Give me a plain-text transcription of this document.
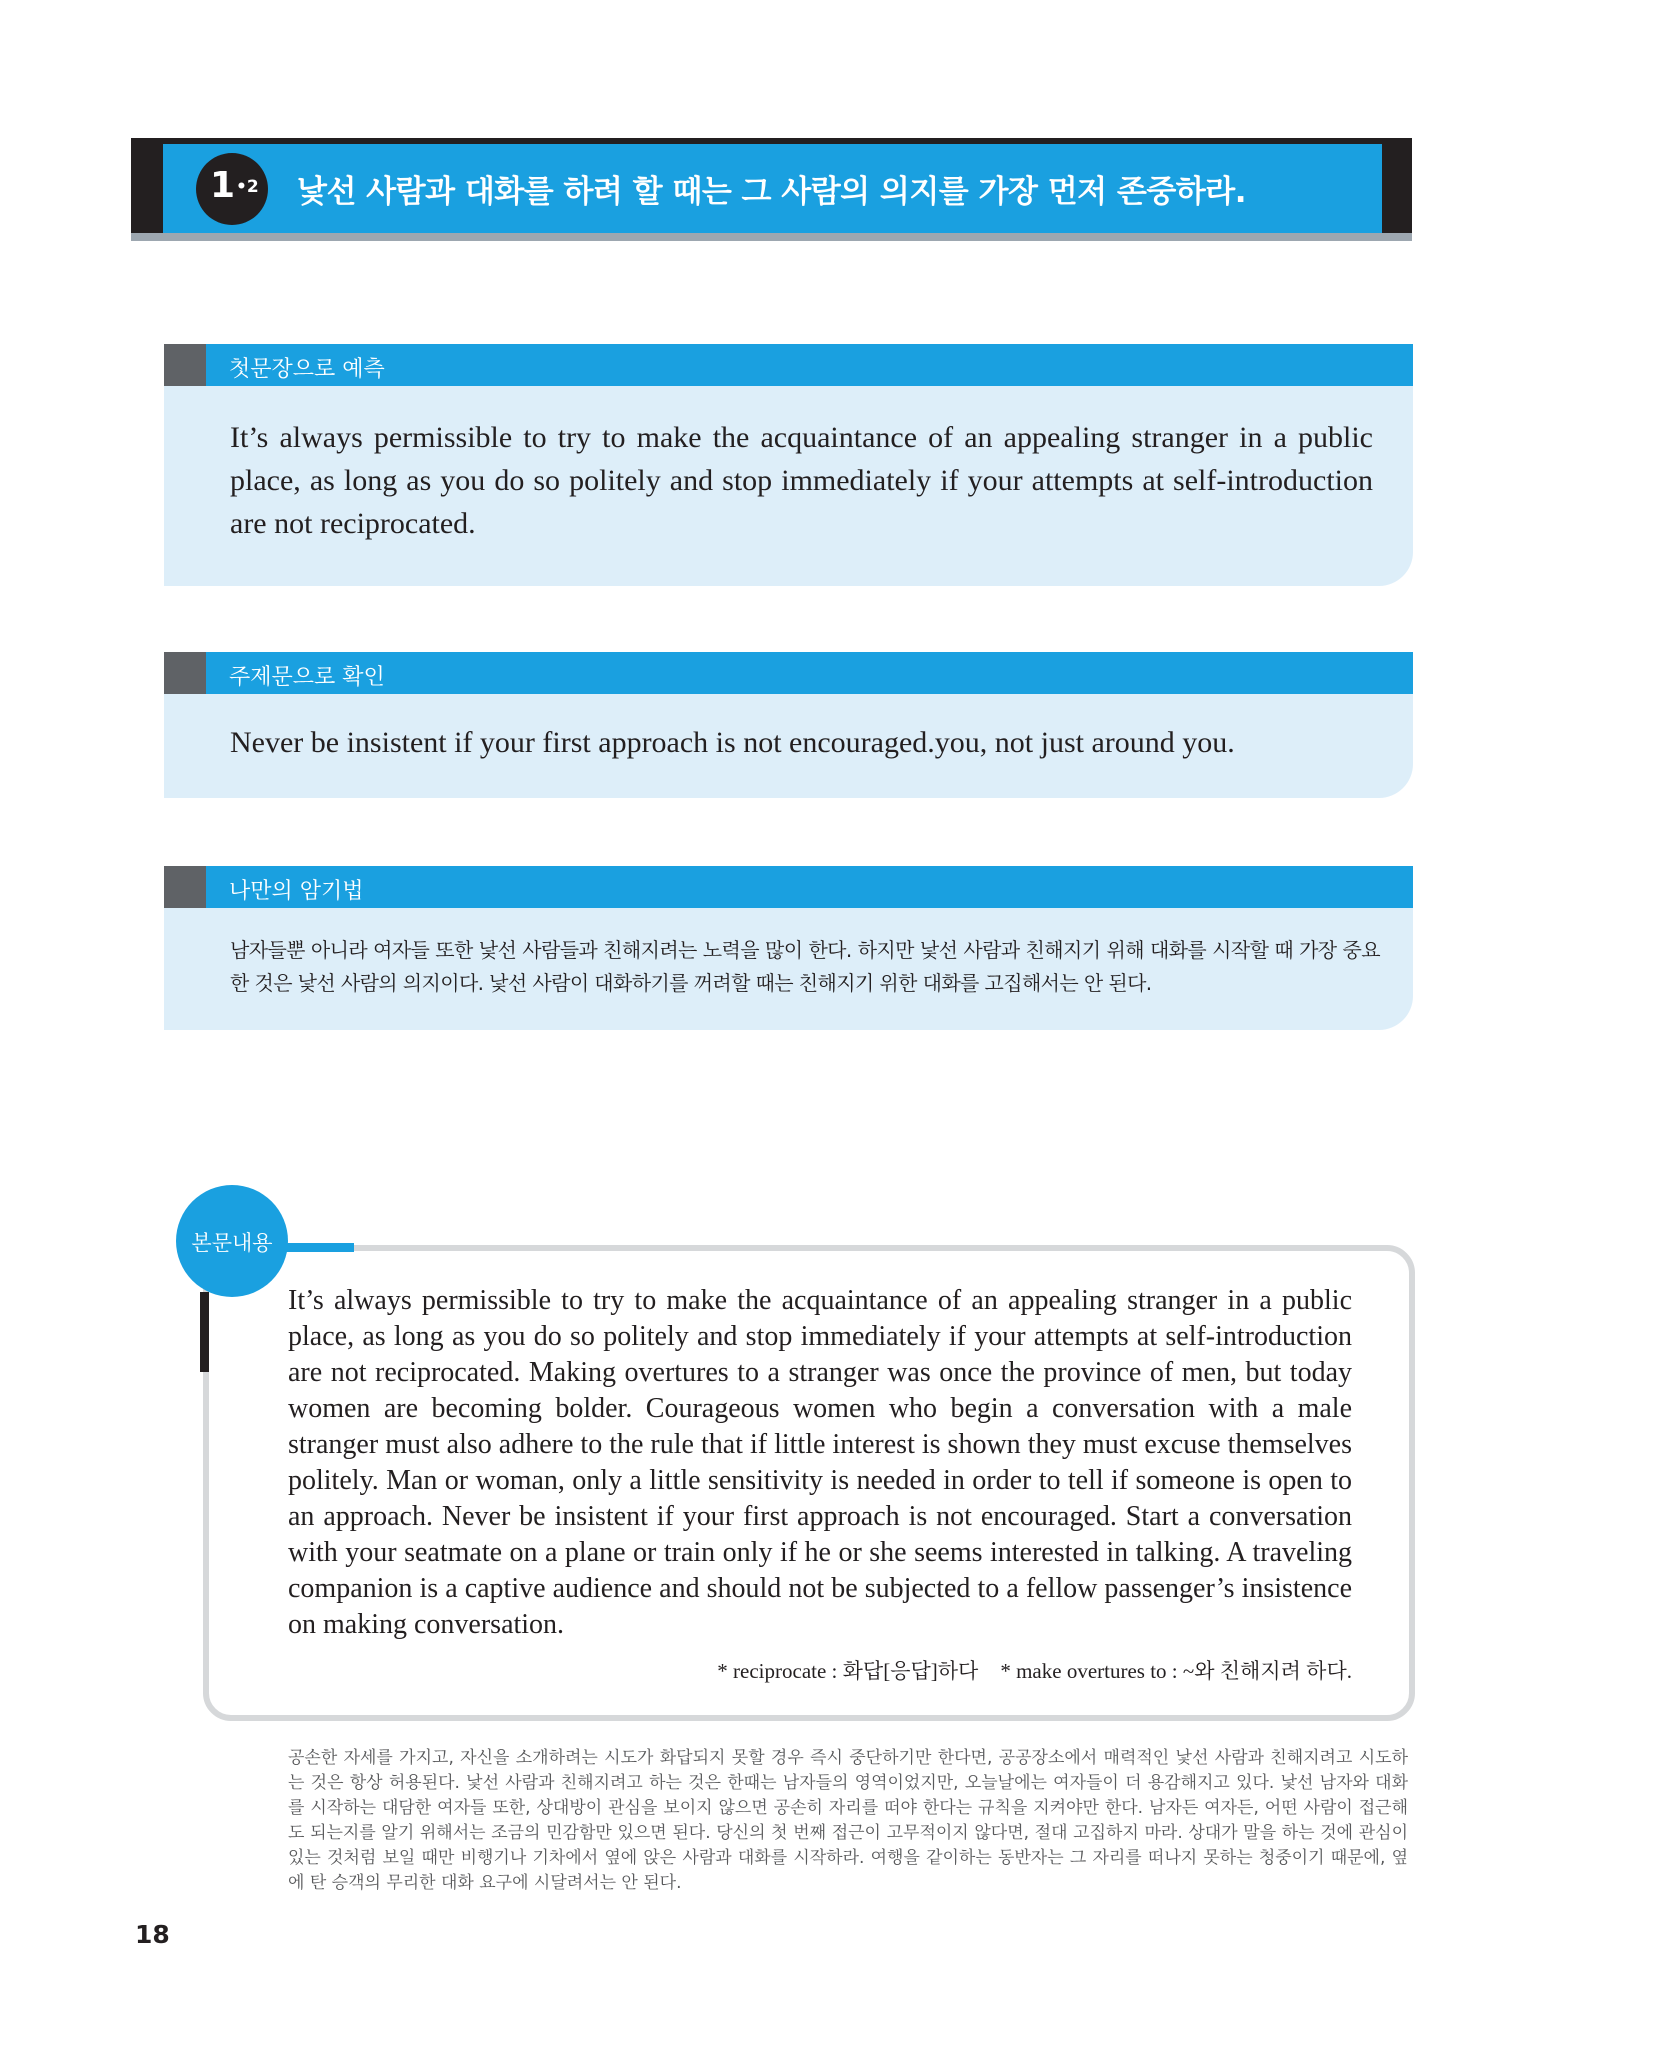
1 •2 낯선 사람과 대화를 하려 할 때는 그 사람의 의지를 가장 먼저 존중하라.
첫문장으로 예측
It’s always permissible to try to make the acquaintance of an appealing stranger in a public place, as long as you do so politely and stop immediately if your attempts at self-introduction are not reciprocated.
주제문으로 확인
Never be insistent if your first approach is not encouraged.you, not just around you.
나만의 암기법
남자들뿐 아니라 여자들 또한 낯선 사람들과 친해지려는 노력을 많이 한다. 하지만 낯선 사람과 친해지기 위해 대화를 시작할 때 가장 중요한 것은 낯선 사람의 의지이다. 낯선 사람이 대화하기를 꺼려할 때는 친해지기 위한 대화를 고집해서는 안 된다.
본문내용

It’s always permissible to try to make the acquaintance of an appealing stranger in a public place, as long as you do so politely and stop immediately if your attempts at self-introduction are not reciprocated. Making overtures to a stranger was once the province of men, but today women are becoming bolder. Courageous women who begin a conversation with a male stranger must also adhere to the rule that if little interest is shown they must excuse themselves politely. Man or woman, only a little sensitivity is needed in order to tell if someone is open to an approach. Never be insistent if your first approach is not encouraged. Start a conversation with your seatmate on a plane or train only if he or she seems interested in talking. A traveling companion is a captive audience and should not be subjected to a fellow passenger’s insistence on making conversation.

* reciprocate : 화답[응답]하다 * make overtures to : ~와 친해지려 하다.
공손한 자세를 가지고, 자신을 소개하려는 시도가 화답되지 못할 경우 즉시 중단하기만 한다면, 공공장소에서 매력적인 낯선 사람과 친해지려고 시도하는 것은 항상 허용된다. 낯선 사람과 친해지려고 하는 것은 한때는 남자들의 영역이었지만, 오늘날에는 여자들이 더 용감해지고 있다. 낯선 남자와 대화를 시작하는 대담한 여자들 또한, 상대방이 관심을 보이지 않으면 공손히 자리를 떠야 한다는 규칙을 지켜야만 한다. 남자든 여자든, 어떤 사람이 접근해도 되는지를 알기 위해서는 조금의 민감함만 있으면 된다. 당신의 첫 번째 접근이 고무적이지 않다면, 절대 고집하지 마라. 상대가 말을 하는 것에 관심이 있는 것처럼 보일 때만 비행기나 기차에서 옆에 앉은 사람과 대화를 시작하라. 여행을 같이하는 동반자는 그 자리를 떠나지 못하는 청중이기 때문에, 옆에 탄 승객의 무리한 대화 요구에 시달려서는 안 된다.
18
